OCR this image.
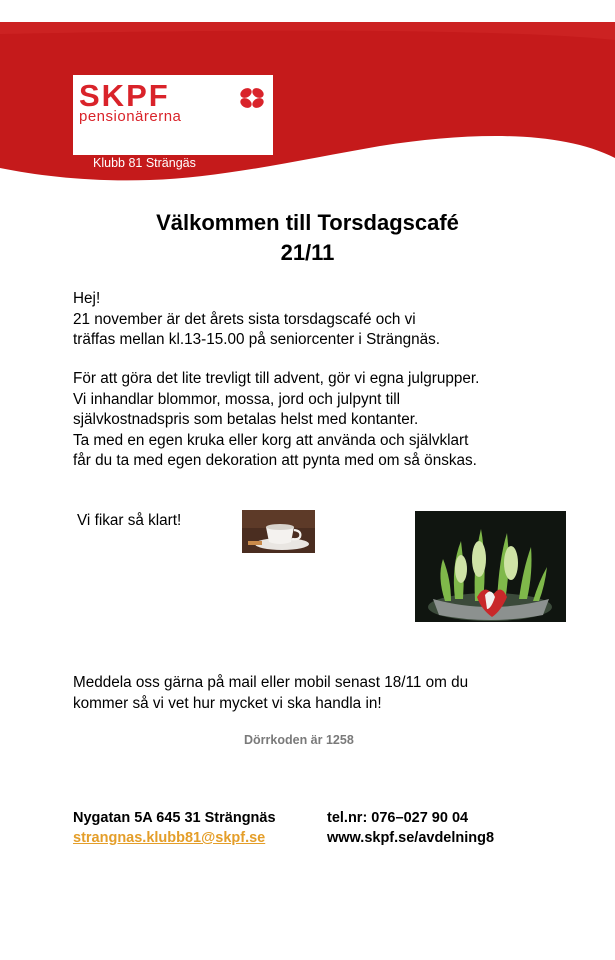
SKPF
pensionärerna
Klubb 81 Strängäs
Välkommen till Torsdagscafé
21/11

Hej!
21 november är det årets sista torsdagscafé och vi
träffas mellan kl.13-15.00 på seniorcenter i Strängnäs.

För att göra det lite trevligt till advent, gör vi egna julgrupper.
Vi inhandlar blommor, mossa, jord och julpynt till
självkostnadspris som betalas helst med kontanter.
Ta med en egen kruka eller korg att använda och självklart
får du ta med egen dekoration att pynta med om så önskas.

Vi fikar så klart!

Meddela oss gärna på mail eller mobil senast 18/11 om du
kommer så vi vet hur mycket vi ska handla in!

Dörrkoden är 1258
Nygatan 5A 645 31 Strängnäs
strangnas.klubb81@skpf.se
tel.nr: 076–027 90 04
www.skpf.se/avdelning8
